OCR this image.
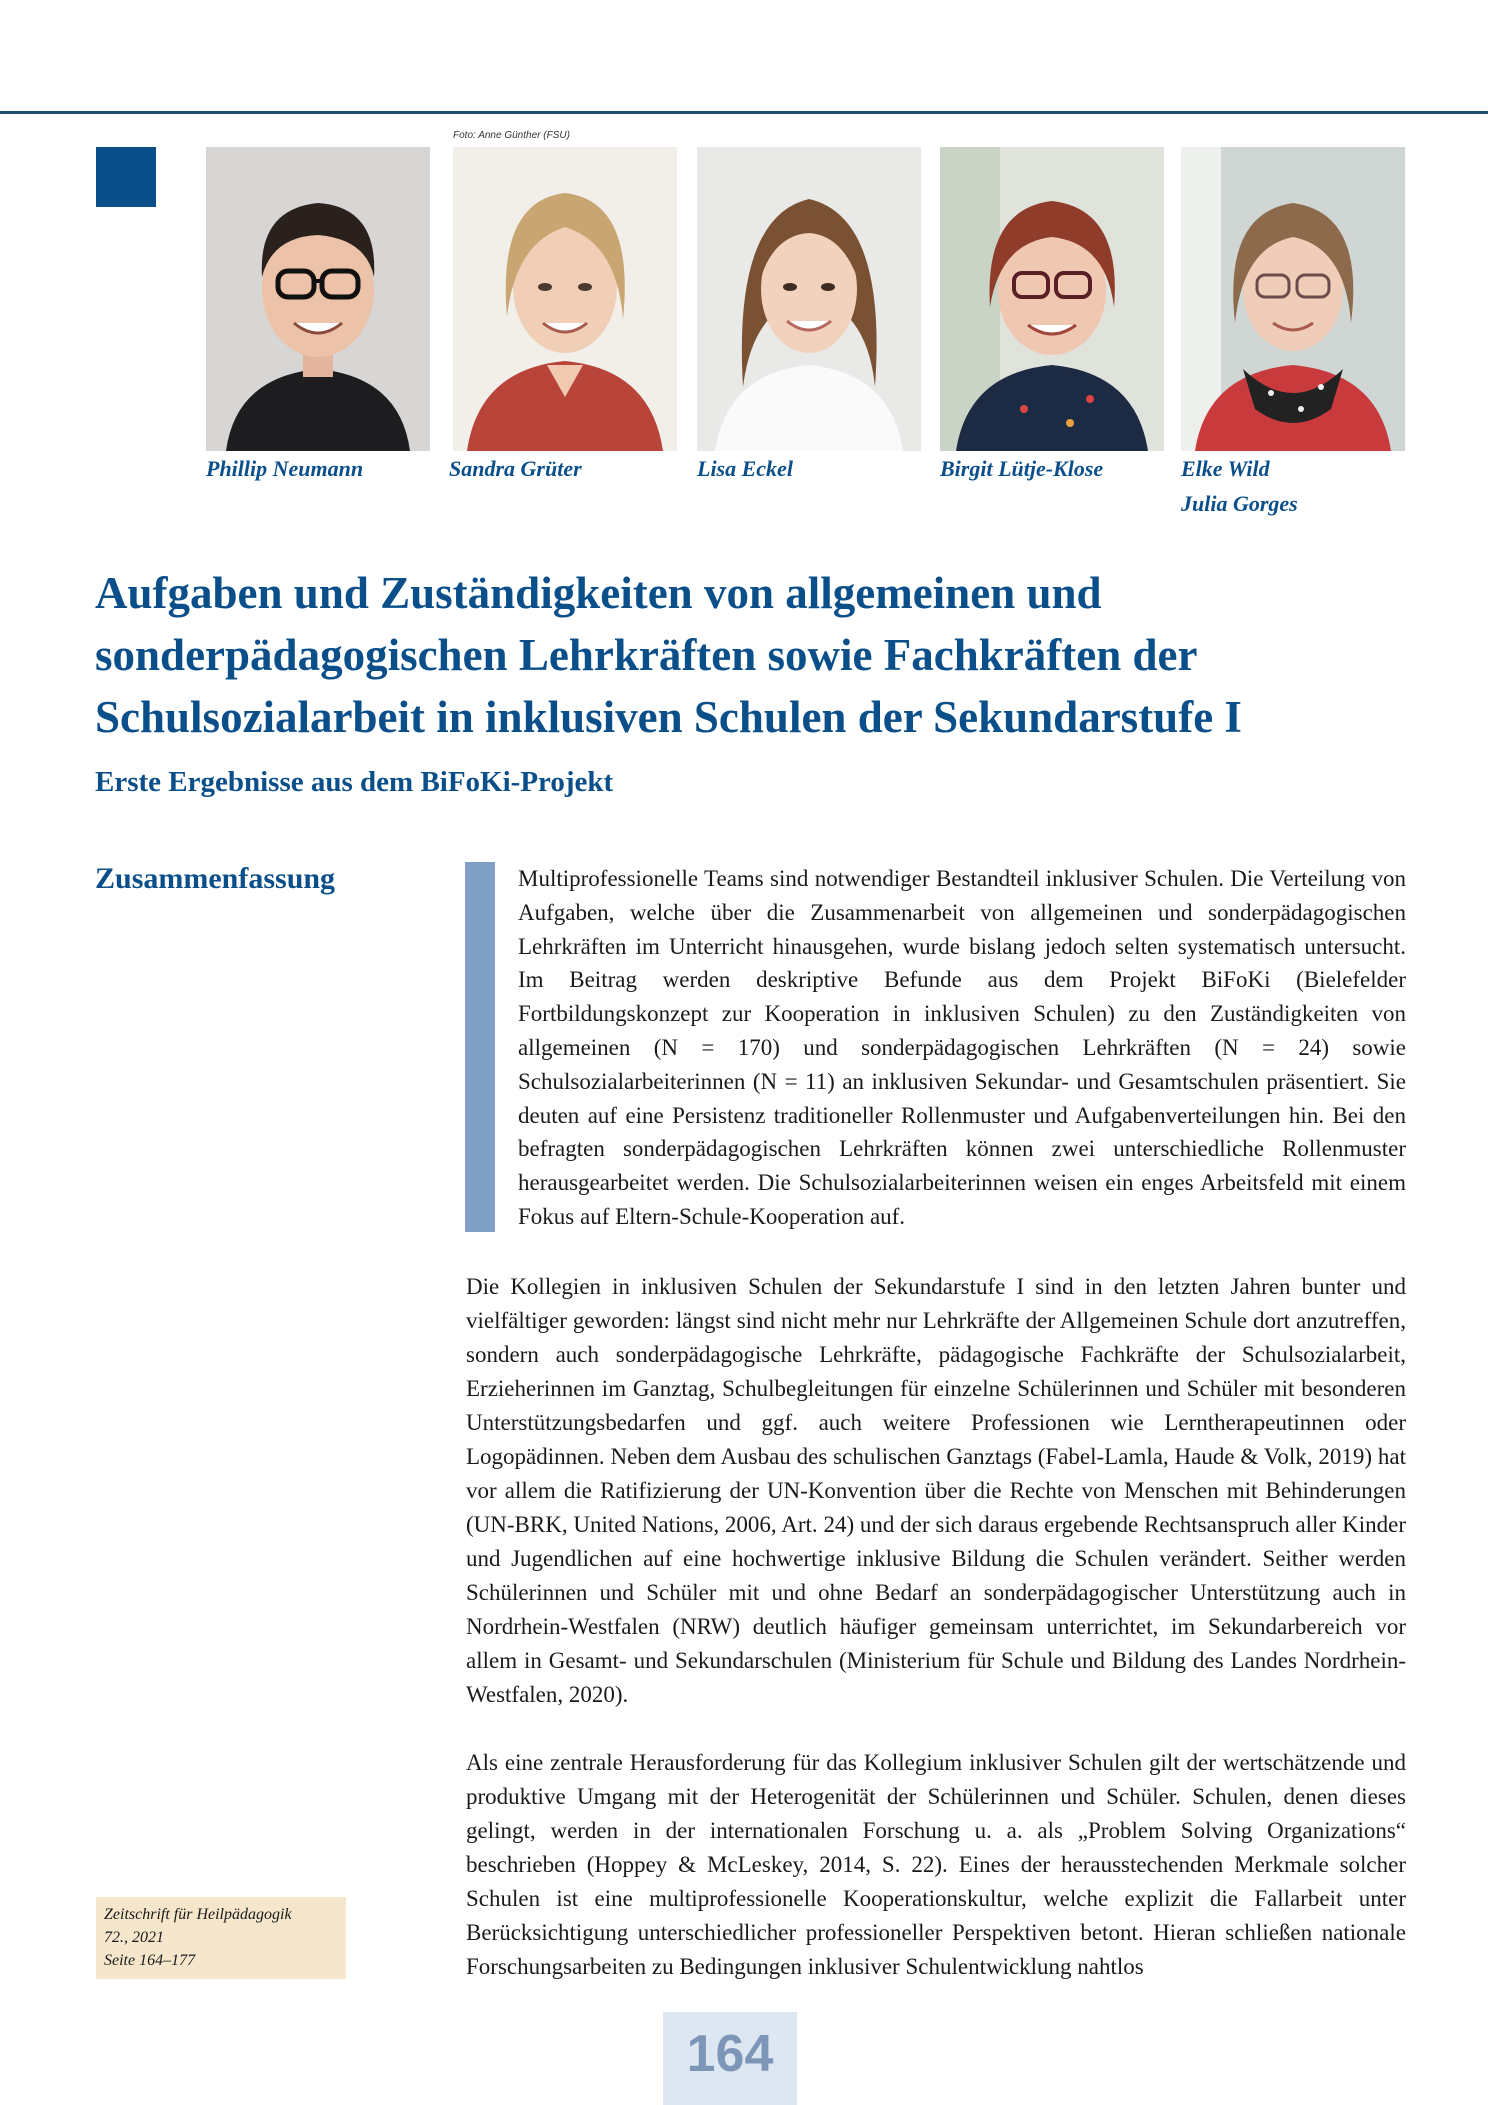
Foto: Anne Günther (FSU)
Phillip Neumann	Sandra Grüter	Lisa Eckel	Birgit Lütje-Klose	Elke Wild
Julia Gorges
Aufgaben und Zuständigkeiten von allgemeinen und sonderpädagogischen Lehrkräften sowie Fachkräften der Schulsozialarbeit in inklusiven Schulen der Sekundarstufe I
Erste Ergebnisse aus dem BiFoKi-Projekt
Zusammenfassung	Multiprofessionelle Teams sind notwendiger Bestandteil inklusiver Schulen. Die Verteilung von Aufgaben, welche über die Zusammenarbeit von allgemeinen und sonderpädagogischen Lehrkräften im Unterricht hinausgehen, wurde bislang jedoch selten systematisch untersucht. Im Beitrag werden deskriptive Befunde aus dem Projekt BiFoKi (Bielefelder Fortbildungskonzept zur Kooperation in inklusiven Schulen) zu den Zuständigkeiten von allgemeinen (N = 170) und sonderpädagogischen Lehrkräften (N = 24) sowie Schulsozialarbeiterinnen (N = 11) an inklusiven Sekundar- und Gesamtschulen präsentiert. Sie deuten auf eine Persistenz traditioneller Rollenmuster und Aufgabenverteilungen hin. Bei den befragten sonderpädagogischen Lehrkräften können zwei unterschiedliche Rollenmuster herausgearbeitet werden. Die Schulsozialarbeiterinnen weisen ein enges Arbeitsfeld mit einem Fokus auf Eltern-Schule-Kooperation auf.

Die Kollegien in inklusiven Schulen der Sekundarstufe I sind in den letzten Jahren bunter und vielfältiger geworden: längst sind nicht mehr nur Lehrkräfte der Allgemeinen Schule dort anzutreffen, sondern auch sonderpädagogische Lehrkräfte, pädagogische Fachkräfte der Schulsozialarbeit, Erzieherinnen im Ganztag, Schulbegleitungen für einzelne Schülerinnen und Schüler mit besonderen Unterstützungsbedarfen und ggf. auch weitere Professionen wie Lerntherapeutinnen oder Logopädinnen. Neben dem Ausbau des schulischen Ganztags (Fabel-Lamla, Haude & Volk, 2019) hat vor allem die Ratifizierung der UN-Konvention über die Rechte von Menschen mit Behinderungen (UN-BRK, United Nations, 2006, Art. 24) und der sich daraus ergebende Rechtsanspruch aller Kinder und Jugendlichen auf eine hochwertige inklusive Bildung die Schulen verändert. Seither werden Schülerinnen und Schüler mit und ohne Bedarf an sonderpädagogischer Unterstützung auch in Nordrhein-Westfalen (NRW) deutlich häufiger gemeinsam unterrichtet, im Sekundarbereich vor allem in Gesamt- und Sekundarschulen (Ministerium für Schule und Bildung des Landes Nordrhein-Westfalen, 2020).

Als eine zentrale Herausforderung für das Kollegium inklusiver Schulen gilt der wertschätzende und produktive Umgang mit der Heterogenität der Schülerinnen und Schüler. Schulen, denen dieses gelingt, werden in der internationalen Forschung u. a. als „Problem Solving Organizations“ beschrieben (Hoppey & McLeskey, 2014, S. 22). Eines der herausstechenden Merkmale solcher Schulen ist eine multiprofessionelle Kooperationskultur, welche explizit die Fallarbeit unter Berücksichtigung unterschiedlicher professioneller Perspektiven betont. Hieran schließen nationale Forschungsarbeiten zu Bedingungen inklusiver Schulentwicklung nahtlos

Zeitschrift für Heilpädagogik
72., 2021
Seite 164–177
164
